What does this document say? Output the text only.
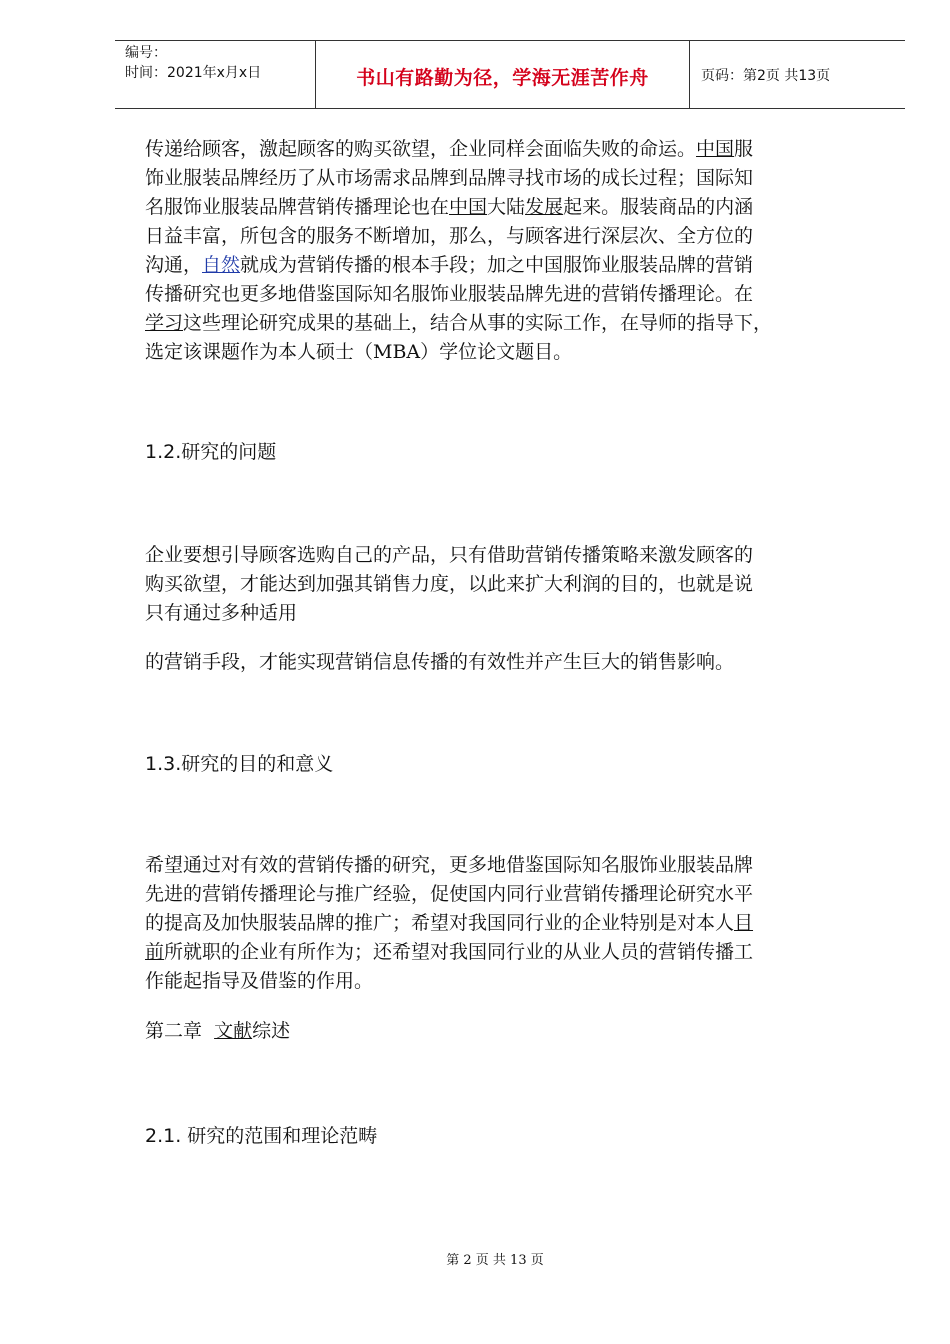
编号：
时间：2021年x月x日	书山有路勤为径，学海无涯苦作舟	页码：第2页 共13页
传递给顾客，激起顾客的购买欲望，企业同样会面临失败的命运。中国服
饰业服装品牌经历了从市场需求品牌到品牌寻找市场的成长过程；国际知
名服饰业服装品牌营销传播理论也在中国大陆发展起来。服装商品的内涵
日益丰富，所包含的服务不断增加，那么，与顾客进行深层次、全方位的
沟通，自然就成为营销传播的根本手段；加之中国服饰业服装品牌的营销
传播研究也更多地借鉴国际知名服饰业服装品牌先进的营销传播理论。在
学习这些理论研究成果的基础上，结合从事的实际工作，在导师的指导下，
选定该课题作为本人硕士（MBA）学位论文题目。
1.2.研究的问题
企业要想引导顾客选购自己的产品，只有借助营销传播策略来激发顾客的
购买欲望，才能达到加强其销售力度，以此来扩大利润的目的，也就是说
只有通过多种适用
的营销手段，才能实现营销信息传播的有效性并产生巨大的销售影响。
1.3.研究的目的和意义
希望通过对有效的营销传播的研究，更多地借鉴国际知名服饰业服装品牌
先进的营销传播理论与推广经验，促使国内同行业营销传播理论研究水平
的提高及加快服装品牌的推广；希望对我国同行业的企业特别是对本人目
前所就职的企业有所作为；还希望对我国同行业的从业人员的营销传播工
作能起指导及借鉴的作用。
第二章  文献综述
2.1. 研究的范围和理论范畴
第 2 页 共 13 页
